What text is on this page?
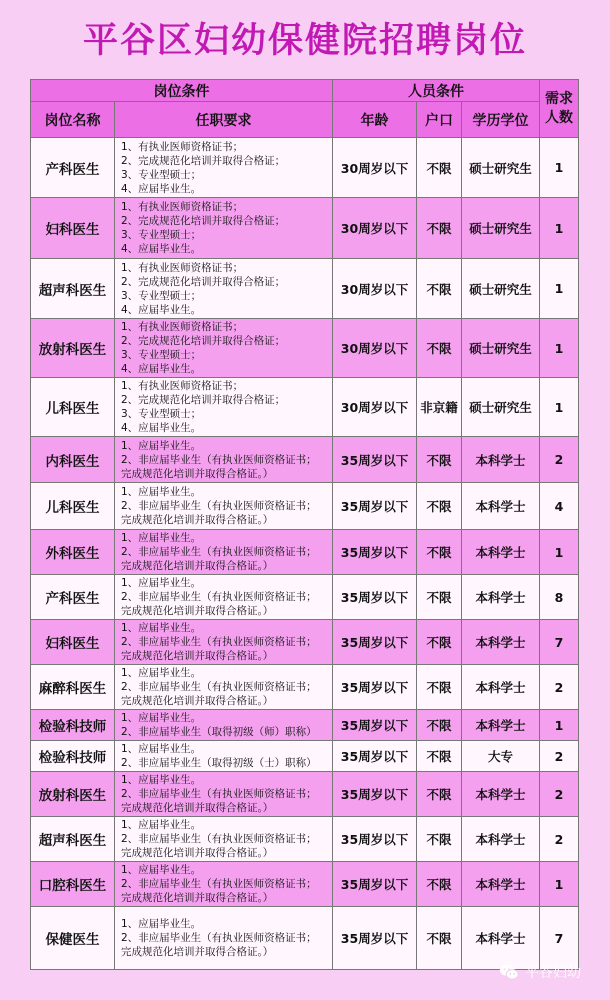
平谷区妇幼保健院招聘岗位
岗位条件		人员条件			需求
人数
岗位名称	任职要求	年龄	户口	学历学位	
产科医生	1、有执业医师资格证书；
2、完成规范化培训并取得合格证；
3、专业型硕士；
4、应届毕业生。	30周岁以下	不限	硕士研究生	1
妇科医生	1、有执业医师资格证书；
2、完成规范化培训并取得合格证；
3、专业型硕士；
4、应届毕业生。	30周岁以下	不限	硕士研究生	1
超声科医生	1、有执业医师资格证书；
2、完成规范化培训并取得合格证；
3、专业型硕士；
4、应届毕业生。	30周岁以下	不限	硕士研究生	1
放射科医生	1、有执业医师资格证书；
2、完成规范化培训并取得合格证；
3、专业型硕士；
4、应届毕业生。	30周岁以下	不限	硕士研究生	1
儿科医生	1、有执业医师资格证书；
2、完成规范化培训并取得合格证；
3、专业型硕士；
4、应届毕业生。	30周岁以下	非京籍	硕士研究生	1
内科医生	1、应届毕业生。
2、非应届毕业生（有执业医师资格证书；
完成规范化培训并取得合格证。）	35周岁以下	不限	本科学士	2
儿科医生	1、应届毕业生。
2、非应届毕业生（有执业医师资格证书；
完成规范化培训并取得合格证。）	35周岁以下	不限	本科学士	4
外科医生	1、应届毕业生。
2、非应届毕业生（有执业医师资格证书；
完成规范化培训并取得合格证。）	35周岁以下	不限	本科学士	1
产科医生	1、应届毕业生。
2、非应届毕业生（有执业医师资格证书；
完成规范化培训并取得合格证。）	35周岁以下	不限	本科学士	8
妇科医生	1、应届毕业生。
2、非应届毕业生（有执业医师资格证书；
完成规范化培训并取得合格证。）	35周岁以下	不限	本科学士	7
麻醉科医生	1、应届毕业生。
2、非应届毕业生（有执业医师资格证书；
完成规范化培训并取得合格证。）	35周岁以下	不限	本科学士	2
检验科技师	1、应届毕业生。
2、非应届毕业生（取得初级（师）职称）	35周岁以下	不限	本科学士	1
检验科技师	1、应届毕业生。
2、非应届毕业生（取得初级（士）职称）	35周岁以下	不限	大专	2
放射科医生	1、应届毕业生。
2、非应届毕业生（有执业医师资格证书；
完成规范化培训并取得合格证。）	35周岁以下	不限	本科学士	2
超声科医生	1、应届毕业生。
2、非应届毕业生（有执业医师资格证书；
完成规范化培训并取得合格证。）	35周岁以下	不限	本科学士	2
口腔科医生	1、应届毕业生。
2、非应届毕业生（有执业医师资格证书；
完成规范化培训并取得合格证。）	35周岁以下	不限	本科学士	1
保健医生	1、应届毕业生。
2、非应届毕业生（有执业医师资格证书；
完成规范化培训并取得合格证。）	35周岁以下	不限	本科学士	7
平谷妇幼
